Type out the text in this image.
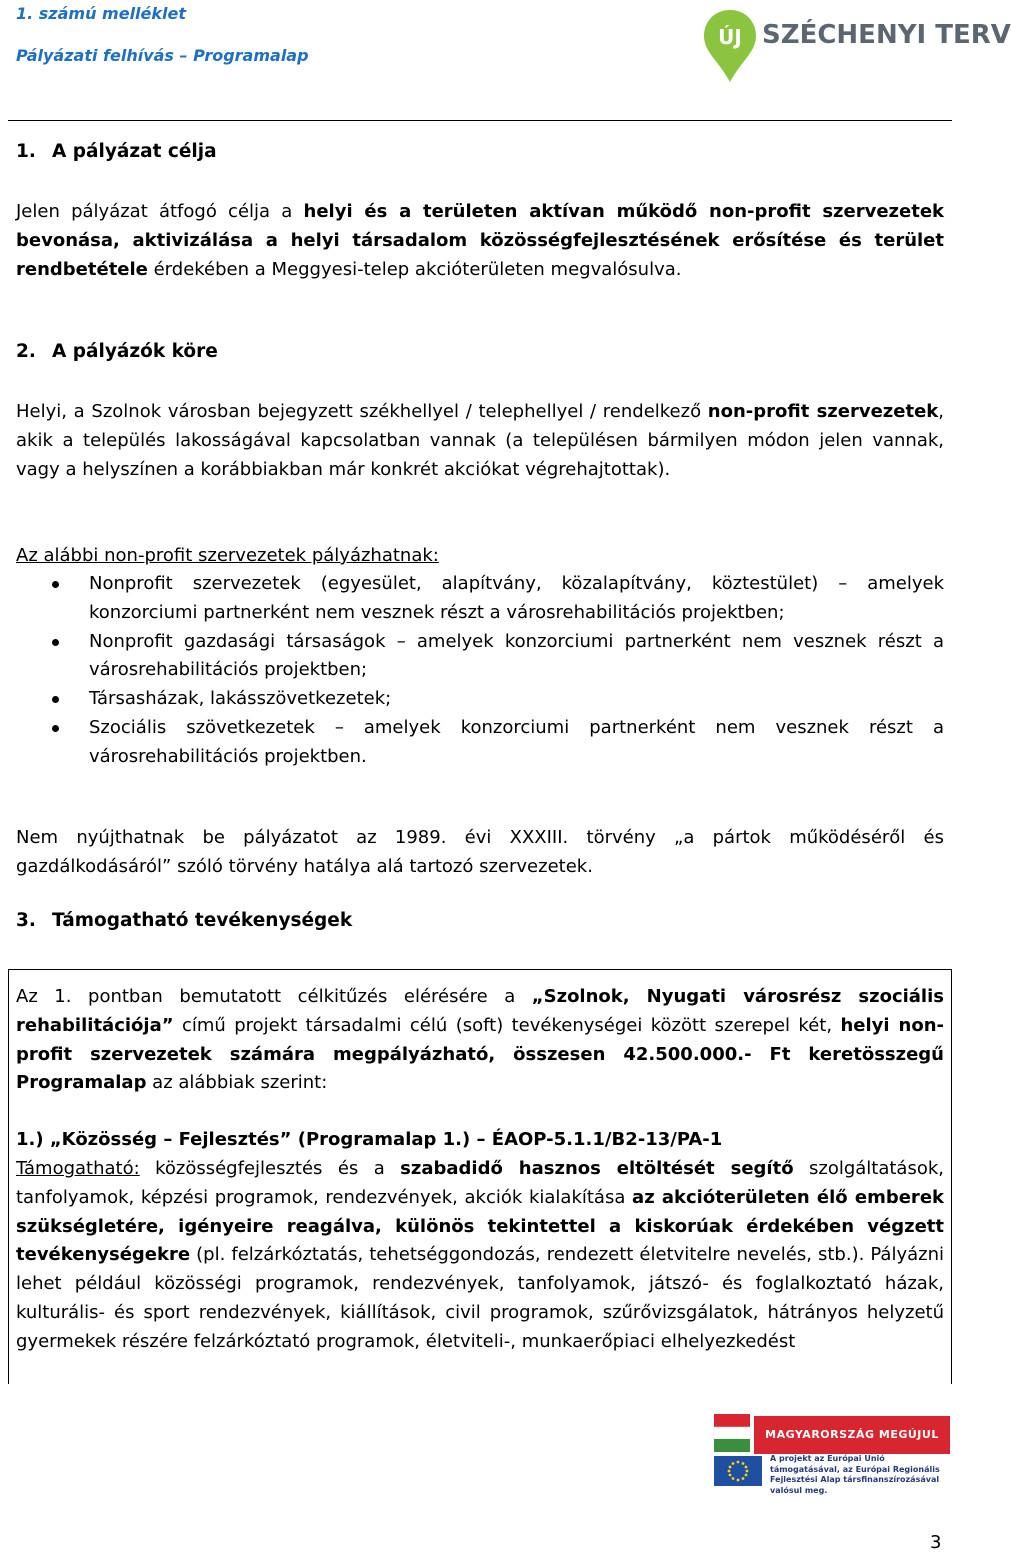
1. számú melléklet
Pályázati felhívás – Programalap
ÚJ SZÉCHENYI TERV
1. A pályázat célja

Jelen pályázat átfogó célja a helyi és a területen aktívan működő non-profit szervezetek bevonása, aktivizálása a helyi társadalom közösségfejlesztésének erősítése és terület rendbetétele érdekében a Meggyesi-telep akcióterületen megvalósulva.

2. A pályázók köre

Helyi, a Szolnok városban bejegyzett székhellyel / telephellyel / rendelkező non-profit szervezetek, akik a település lakosságával kapcsolatban vannak (a településen bármilyen módon jelen vannak, vagy a helyszínen a korábbiakban már konkrét akciókat végrehajtottak).

Az alábbi non-profit szervezetek pályázhatnak:

Nonprofit szervezetek (egyesület, alapítvány, közalapítvány, köztestület) – amelyek konzorciumi partnerként nem vesznek részt a városrehabilitációs projektben;
Nonprofit gazdasági társaságok – amelyek konzorciumi partnerként nem vesznek részt a városrehabilitációs projektben;
Társasházak, lakásszövetkezetek;
Szociális szövetkezetek – amelyek konzorciumi partnerként nem vesznek részt a városrehabilitációs projektben.

Nem nyújthatnak be pályázatot az 1989. évi XXXIII. törvény „a pártok működéséről és gazdálkodásáról” szóló törvény hatálya alá tartozó szervezetek.

3. Támogatható tevékenységek

Az 1. pontban bemutatott célkitűzés elérésére a „Szolnok, Nyugati városrész szociális rehabilitációja” című projekt társadalmi célú (soft) tevékenységei között szerepel két, helyi non-profit szervezetek számára megpályázható, összesen 42.500.000.- Ft keretösszegű Programalap az alábbiak szerint:

1.) „Közösség – Fejlesztés” (Programalap 1.) – ÉAOP-5.1.1/B2-13/PA-1

Támogatható: közösségfejlesztés és a szabadidő hasznos eltöltését segítő szolgáltatások, tanfolyamok, képzési programok, rendezvények, akciók kialakítása az akcióterületen élő emberek szükségletére, igényeire reagálva, különös tekintettel a kiskorúak érdekében végzett tevékenységekre (pl. felzárkóztatás, tehetséggondozás, rendezett életvitelre nevelés, stb.). Pályázni lehet például közösségi programok, rendezvények, tanfolyamok, játszó- és foglalkoztató házak, kulturális- és sport rendezvények, kiállítások, civil programok, szűrővizsgálatok, hátrányos helyzetű gyermekek részére felzárkóztató programok, életviteli-, munkaerőpiaci elhelyezkedést

MAGYARORSZÁG MEGÚJUL
A projekt az Európai Unió támogatásával, az Európai Regionális Fejlesztési Alap társfinanszírozásával valósul meg.
3
